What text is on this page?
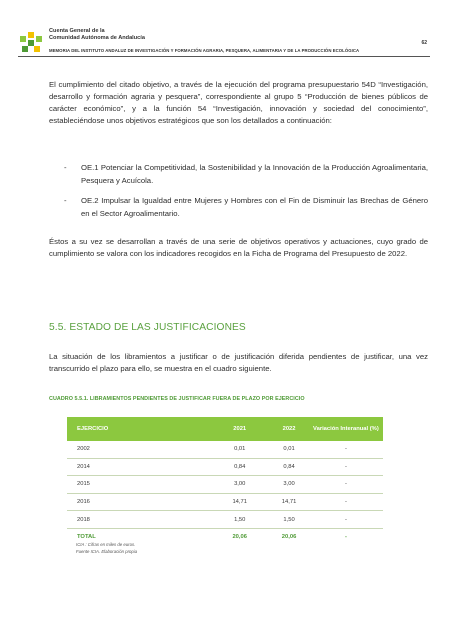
Cuenta General de la
Comunidad Autónoma de Andalucía
62
MEMORIA DEL INSTITUTO ANDALUZ DE INVESTIGACIÓN Y FORMACIÓN AGRARIA, PESQUERA, ALIMENTARIA Y DE LA PRODUCCIÓN ECOLÓGICA
El cumplimiento del citado objetivo, a través de la ejecución del programa presupuestario 54D “Investigación, desarrollo y formación agraria y pesquera”, correspondiente al grupo 5 “Producción de bienes públicos de carácter económico”, y a la función 54 “Investigación, innovación y sociedad del conocimiento”, estableciéndose unos objetivos estratégicos que son los detallados a continuación:
- OE.1 Potenciar la Competitividad, la Sostenibilidad y la Innovación de la Producción Agroalimentaria, Pesquera y Acuícola.
- OE.2 Impulsar la Igualdad entre Mujeres y Hombres con el Fin de Disminuir las Brechas de Género en el Sector Agroalimentario.
Éstos a su vez se desarrollan a través de una serie de objetivos operativos y actuaciones, cuyo grado de cumplimiento se valora con los indicadores recogidos en la Ficha de Programa del Presupuesto de 2022.
5.5. ESTADO DE LAS JUSTIFICACIONES
La situación de los libramientos a justificar o de justificación diferida pendientes de justificar, una vez transcurrido el plazo para ello, se muestra en el cuadro siguiente.
CUADRO 5.5.1. LIBRAMIENTOS PENDIENTES DE JUSTIFICAR FUERA DE PLAZO POR EJERCICIO
EJERCICIO	2021	2022	Variación Interanual (%)
2002	0,01	0,01	-
2014	0,84	0,84	-
2015	3,00	3,00	-
2016	14,71	14,71	-
2018	1,50	1,50	-
TOTAL	20,06	20,06	-
ICIA : Cifras en miles de euros.
Fuente ICIA. Elaboración propia
